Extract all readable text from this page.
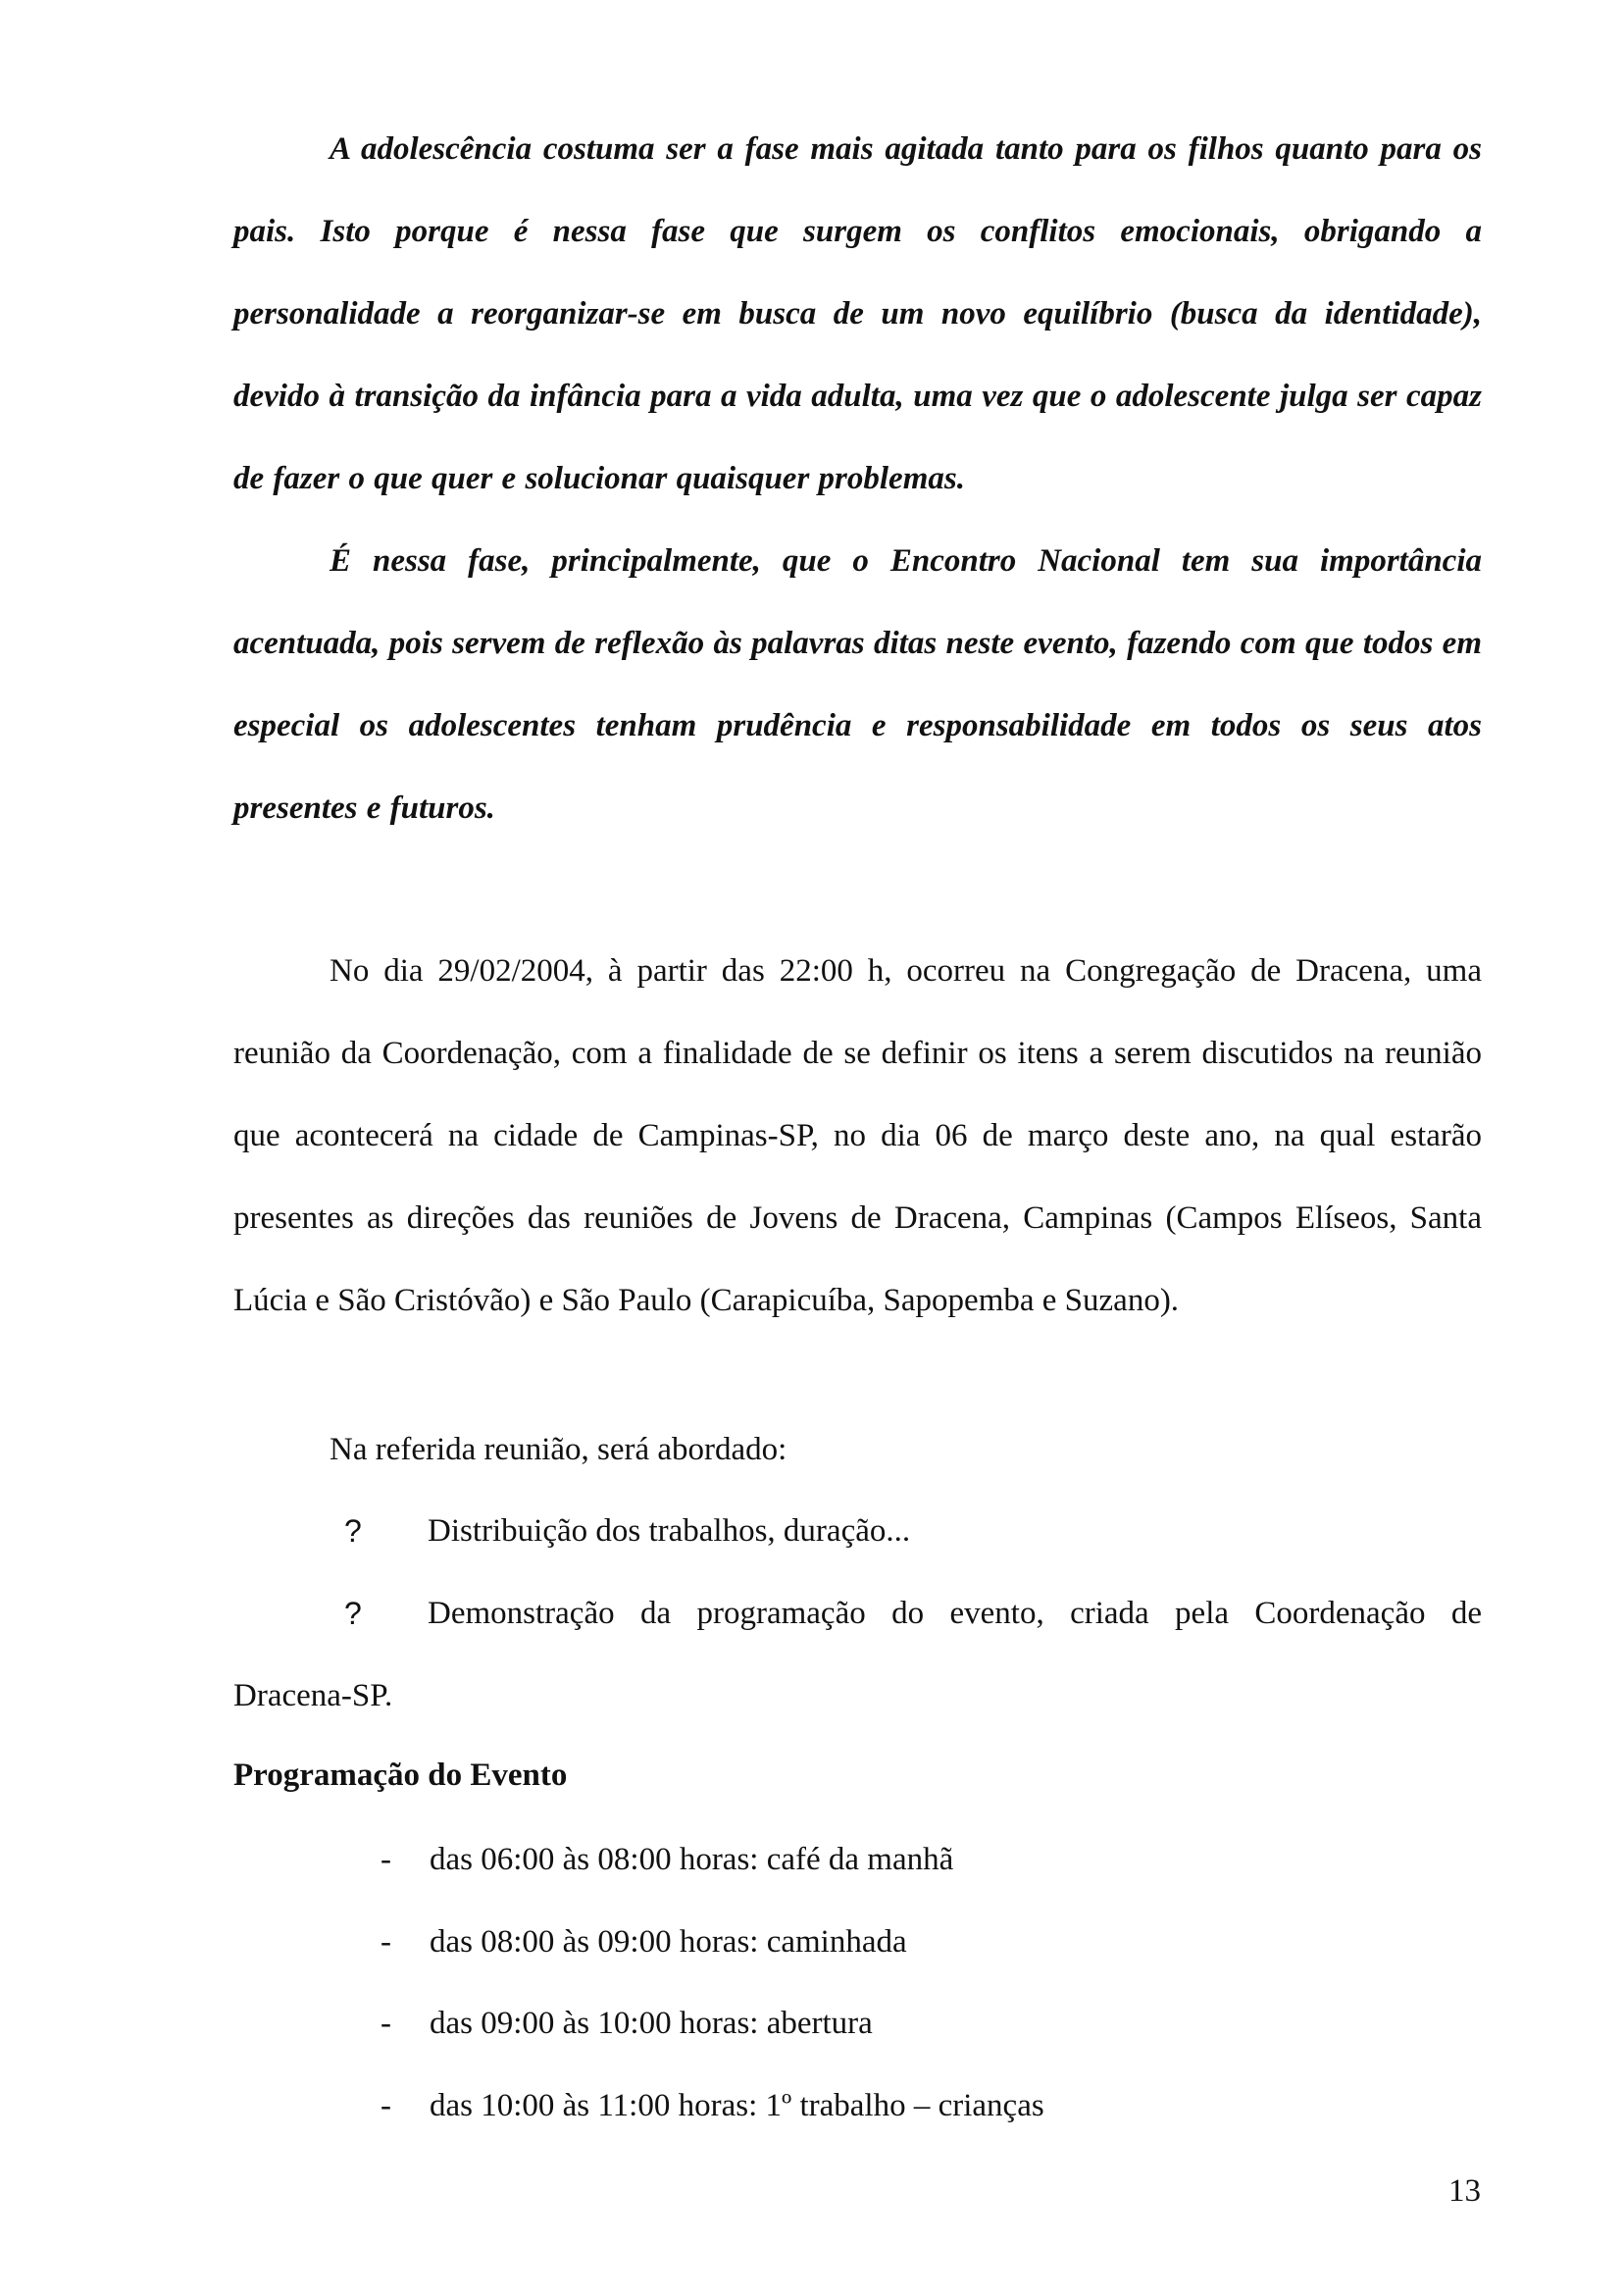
A adolescência costuma ser a fase mais agitada tanto para os filhos quanto para os pais. Isto porque é nessa fase que surgem os conflitos emocionais, obrigando a personalidade a reorganizar-se em busca de um novo equilíbrio (busca da identidade), devido à transição da infância para a vida adulta, uma vez que o adolescente julga ser capaz de fazer o que quer e solucionar quaisquer problemas.

É nessa fase, principalmente, que o Encontro Nacional tem sua importância acentuada, pois servem de reflexão às palavras ditas neste evento, fazendo com que todos em especial os adolescentes tenham prudência e responsabilidade em todos os seus atos presentes e futuros.

No dia 29/02/2004, à partir das 22:00 h, ocorreu na Congregação de Dracena, uma reunião da Coordenação, com a finalidade de se definir os itens a serem discutidos na reunião que acontecerá na cidade de Campinas-SP, no dia 06 de março deste ano, na qual estarão presentes as direções das reuniões de Jovens de Dracena, Campinas (Campos Elíseos, Santa Lúcia e São Cristóvão) e São Paulo (Carapicuíba, Sapopemba e Suzano).

Na referida reunião, será abordado:

? Distribuição dos trabalhos, duração...

? Demonstração da programação do evento, criada pela Coordenação de

Dracena-SP.

Programação do Evento
- das 06:00 às 08:00 horas: café da manhã
- das 08:00 às 09:00 horas: caminhada
- das 09:00 às 10:00 horas: abertura
- das 10:00 às 11:00 horas: 1º trabalho – crianças
13
